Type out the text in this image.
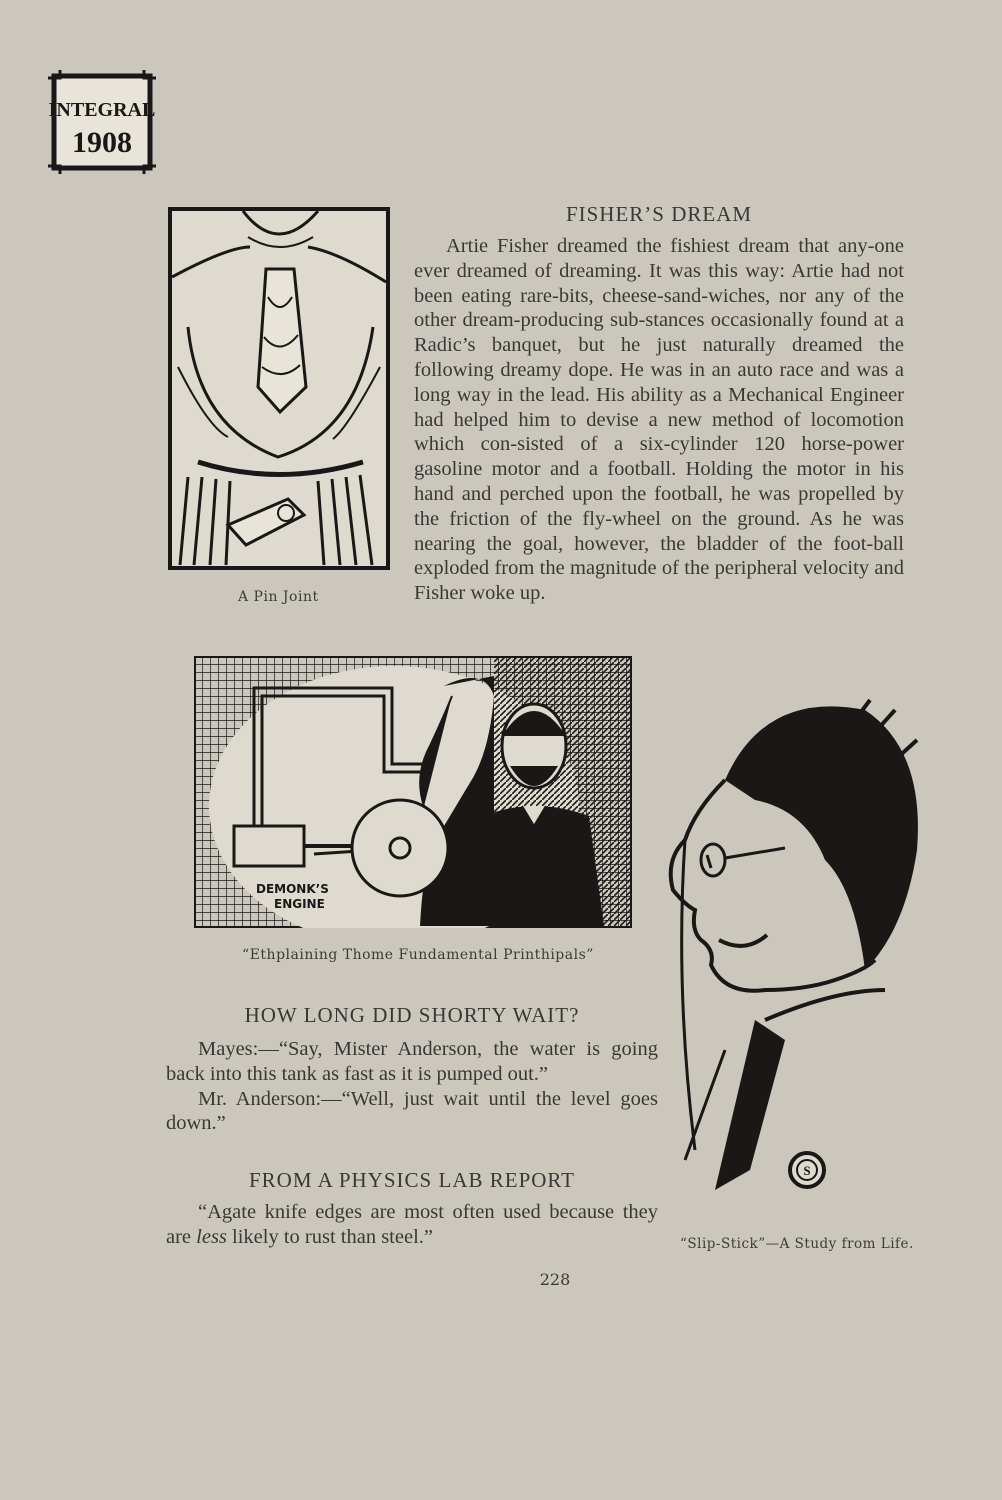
INTEGRAL
1908
A Pin Joint
FISHER’S DREAM

Artie Fisher dreamed the fishiest dream that any-one ever dreamed of dreaming. It was this way: Artie had not been eating rare-bits, cheese-sand-wiches, nor any of the other dream-producing sub-stances occasionally found at a Radic’s banquet, but he just naturally dreamed the following dreamy dope. He was in an auto race and was a long way in the lead. His ability as a Mechanical Engineer had helped him to devise a new method of locomotion which con-sisted of a six-cylinder 120 horse-power gasoline motor and a football. Holding the motor in his hand and perched upon the football, he was propelled by the friction of the fly-wheel on the ground. As he was nearing the goal, however, the bladder of the foot-ball exploded from the magnitude of the peripheral velocity and Fisher woke up.

DEMONK’S
ENGINE
“Ethplaining Thome Fundamental Printhipals”
HOW LONG DID SHORTY WAIT?

Mayes:—“Say, Mister Anderson, the water is going back into this tank as fast as it is pumped out.”

Mr. Anderson:—“Well, just wait until the level goes down.”

FROM A PHYSICS LAB REPORT

“Agate knife edges are most often used because they are less likely to rust than steel.”

S
“Slip-Stick”—A Study from Life.
228
